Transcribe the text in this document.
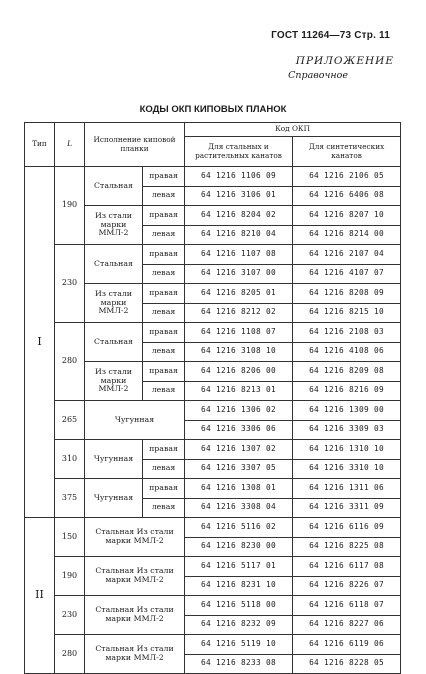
ГОСТ 11264—73 Стр. 11
ПРИЛОЖЕНИЕ
Справочное
КОДЫ ОКП КИПОВЫХ ПЛАНОК
Тип	L	Исполнение киповой планки		Код ОКП	
				Для стальных и растительных канатов	Для синтетических канатов
I	190	Стальная	правая	64 1216 1106 09	64 1216 2106 05
			левая	64 1216 3106 01	64 1216 6406 08
		Из стали марки ММЛ-2	правая	64 1216 8204 02	64 1216 8207 10
			левая	64 1216 8210 04	64 1216 8214 00
	230	Стальная	правая	64 1216 1107 08	64 1216 2107 04
			левая	64 1216 3107 00	64 1216 4107 07
		Из стали марки ММЛ-2	правая	64 1216 8205 01	64 1216 8208 09
			левая	64 1216 8212 02	64 1216 8215 10
	280	Стальная	правая	64 1216 1108 07	64 1216 2108 03
			левая	64 1216 3108 10	64 1216 4108 06
		Из стали марки ММЛ-2	правая	64 1216 8206 00	64 1216 8209 08
			левая	64 1216 8213 01	64 1216 8216 09
	265	Чугунная		64 1216 1306 02	64 1216 1309 00
				64 1216 3306 06	64 1216 3309 03
	310	Чугунная	правая	64 1216 1307 02	64 1216 1310 10
			левая	64 1216 3307 05	64 1216 3310 10
	375	Чугунная	правая	64 1216 1308 01	64 1216 1311 06
			левая	64 1216 3308 04	64 1216 3311 09
II	150	Стальная Из стали марки ММЛ-2		64 1216 5116 02	64 1216 6116 09
				64 1216 8230 00	64 1216 8225 08
	190	Стальная Из стали марки ММЛ-2		64 1216 5117 01	64 1216 6117 08
				64 1216 8231 10	64 1216 8226 07
	230	Стальная Из стали марки ММЛ-2		64 1216 5118 00	64 1216 6118 07
				64 1216 8232 09	64 1216 8227 06
	280	Стальная Из стали марки ММЛ-2		64 1216 5119 10	64 1216 6119 06
				64 1216 8233 08	64 1216 8228 05
